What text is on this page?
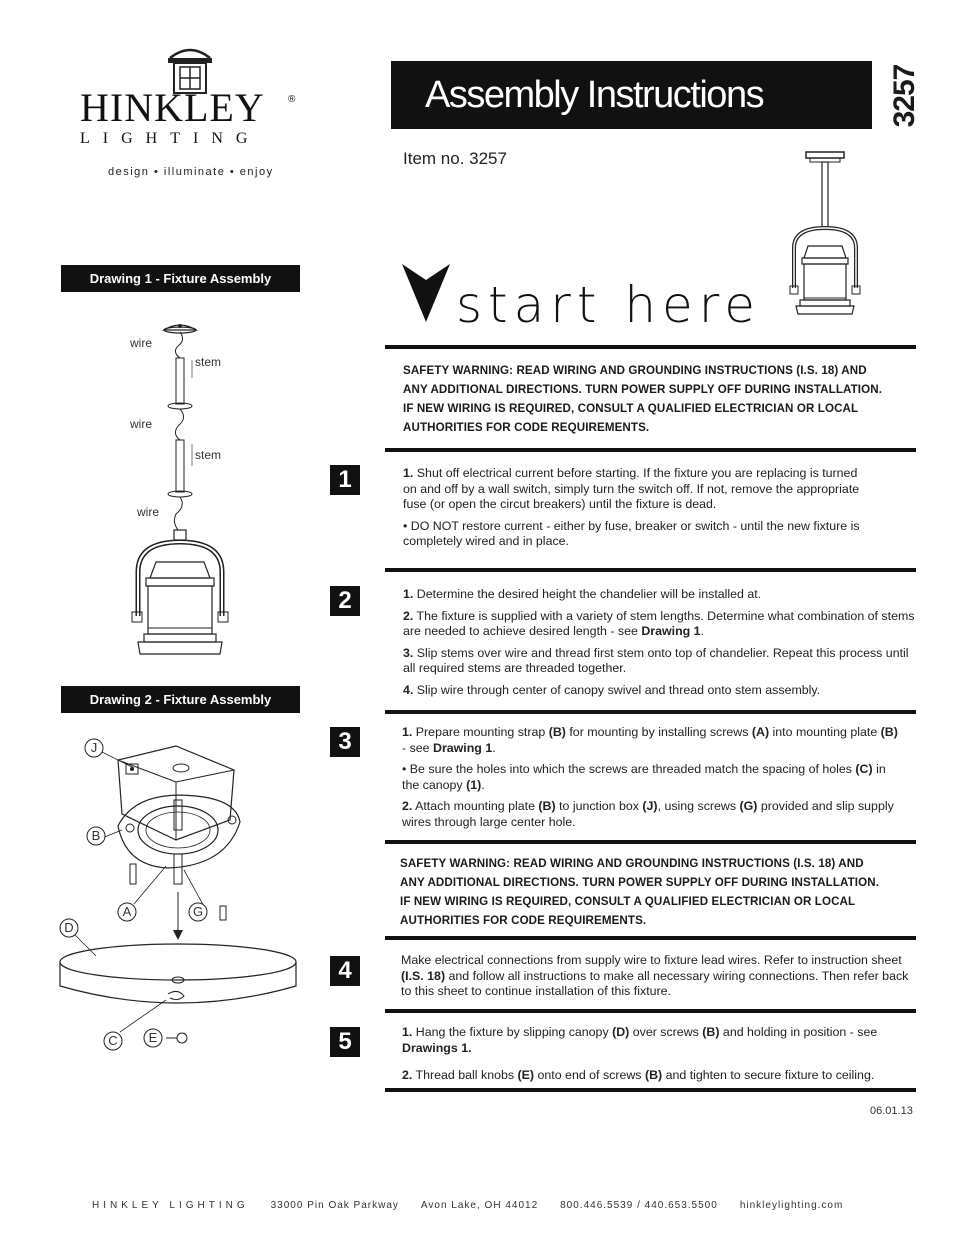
HINKLEY ®
LIGHTING
design • illuminate • enjoy
Assembly Instructions	3257
Item no. 3257
start here
Drawing 1 - Fixture Assembly
wire
stem
wire
stem
wire
Drawing 2 - Fixture Assembly
J
B
A	G
D
C E
SAFETY WARNING: READ WIRING AND GROUNDING INSTRUCTIONS (I.S. 18) AND ANY ADDITIONAL DIRECTIONS. TURN POWER SUPPLY OFF DURING INSTALLATION. IF NEW WIRING IS REQUIRED, CONSULT A QUALIFIED ELECTRICIAN OR LOCAL AUTHORITIES FOR CODE REQUIREMENTS.
1	1. Shut off electrical current before starting. If the fixture you are replacing is turned on and off by a wall switch, simply turn the switch off. If not, remove the appropriate fuse (or open the circut breakers) until the fixture is dead.

• DO NOT restore current - either by fuse, breaker or switch - until the new fixture is completely wired and in place.

2	1. Determine the desired height the chandelier will be installed at.

2. The fixture is supplied with a variety of stem lengths. Determine what combination of stems are needed to achieve desired length - see Drawing 1.

3. Slip stems over wire and thread first stem onto top of chandelier. Repeat this process until all required stems are threaded together.

4. Slip wire through center of canopy swivel and thread onto stem assembly.

3	1. Prepare mounting strap (B) for mounting by installing screws (A) into mounting plate (B) - see Drawing 1.

• Be sure the holes into which the screws are threaded match the spacing of holes (C) in the canopy (1).

2. Attach mounting plate (B) to junction box (J), using screws (G) provided and slip supply wires through large center hole.

SAFETY WARNING: READ WIRING AND GROUNDING INSTRUCTIONS (I.S. 18) AND ANY ADDITIONAL DIRECTIONS. TURN POWER SUPPLY OFF DURING INSTALLATION. IF NEW WIRING IS REQUIRED, CONSULT A QUALIFIED ELECTRICIAN OR LOCAL AUTHORITIES FOR CODE REQUIREMENTS.
4	Make electrical connections from supply wire to fixture lead wires. Refer to instruction sheet (I.S. 18) and follow all instructions to make all necessary wiring connections. Then refer back to this sheet to continue installation of this fixture.

5	1. Hang the fixture by slipping canopy (D) over screws (B) and holding in position - see Drawings 1.

2. Thread ball knobs (E) onto end of screws (B) and tighten to secure fixture to ceiling.

06.01.13
HINKLEY LIGHTING 33000 Pin Oak Parkway Avon Lake, OH 44012 800.446.5539 / 440.653.5500 hinkleylighting.com
